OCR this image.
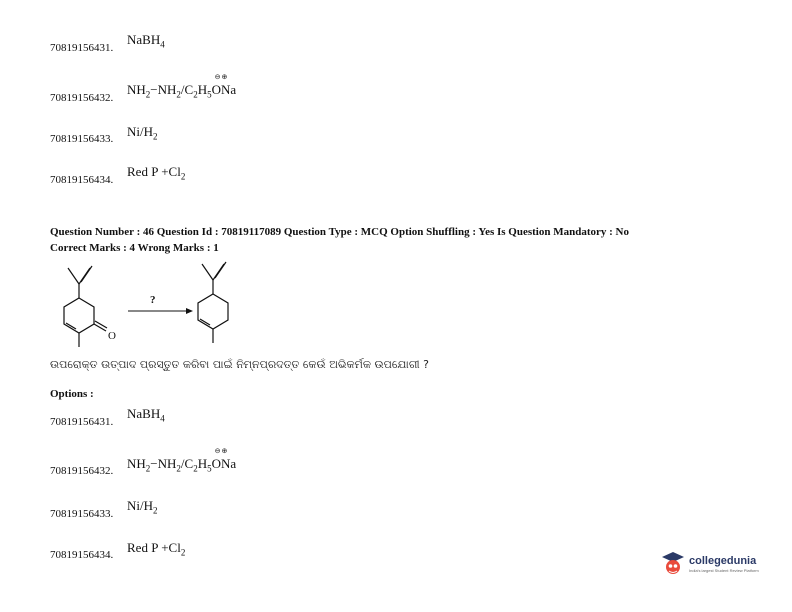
70819156431.
NaBH$_4$
70819156432.
$NH_2-NH_2/C_2H_5$
⊖⊕
ONa
70819156433. $Ni/H_2$
70819156434.
Red $P +Cl_2$
Question Number : 46 Question Id : 70819117089 Question Type : MCQ Option Shuffling : Yes Is Question Mandatory : No
Correct Marks : 4 Wrong Marks : 1
O
?
ଉପରୋକ୍ତ ଉତ୍ପାଦ ପ୍ରସ୍ତୁତ କରିବା ପାଇଁ ନିମ୍ନପ୍ରଦତ୍ତ କେଉଁ ଅଭିକର୍ମକ ଉପଯୋଗୀ ?
Options :
70819156431.
NaBH$_4$
70819156432. $NH_2-NH_2/C_2H_5$
⊖⊕
ONa
70819156433.
$Ni/H_2$
70819156434. Red $P +Cl_2$
collegedunia
India's largest Student Review Platform
